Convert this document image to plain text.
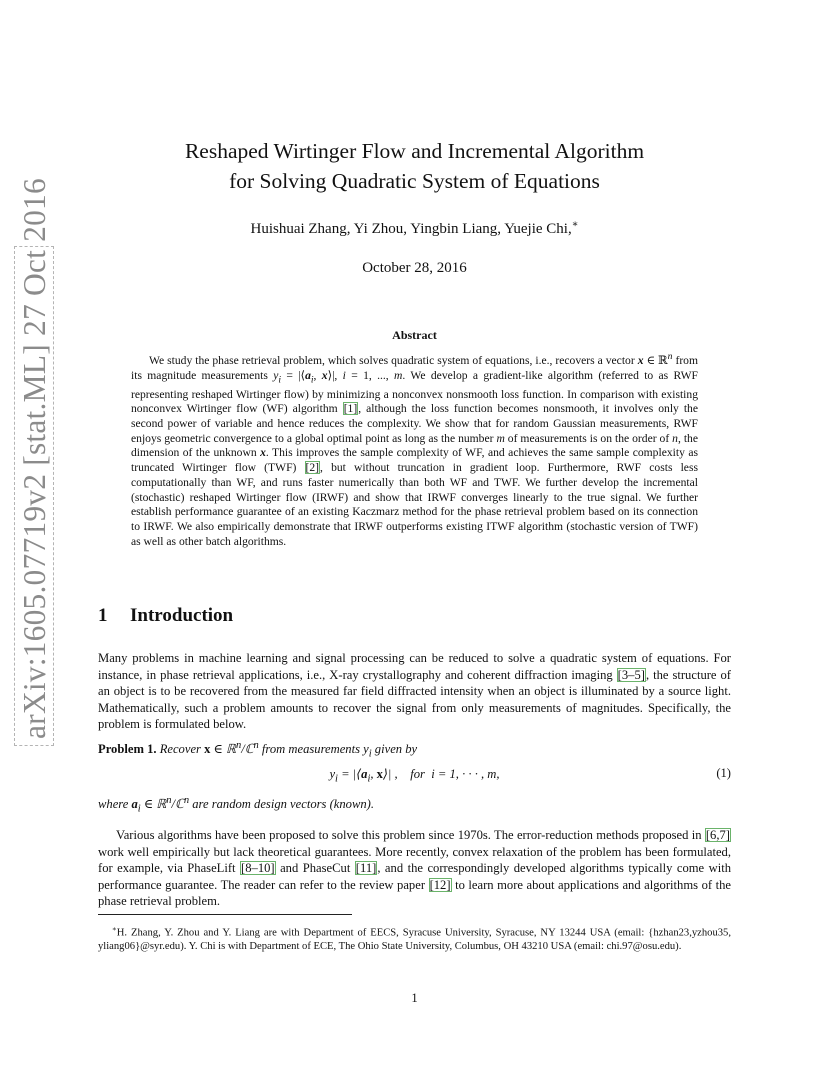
arXiv:1605.07719v2 [stat.ML] 27 Oct 2016
Reshaped Wirtinger Flow and Incremental Algorithm
for Solving Quadratic System of Equations
Huishuai Zhang, Yi Zhou, Yingbin Liang, Yuejie Chi,∗
October 28, 2016
Abstract

We study the phase retrieval problem, which solves quadratic system of equations, i.e., recovers a vector x ∈ ℝ$^n$ from its magnitude measurements $y_i$ = $|⟨a_i$, x⟩|, i = 1, ..., m. We develop a gradient-like algorithm (referred to as RWF representing reshaped Wirtinger flow) by minimizing a nonconvex nonsmooth loss function. In comparison with existing nonconvex Wirtinger flow (WF) algorithm [1], although the loss function becomes nonsmooth, it involves only the second power of variable and hence reduces the complexity. We show that for random Gaussian measurements, RWF enjoys geometric convergence to a global optimal point as long as the number m of measurements is on the order of n, the dimension of the unknown x. This improves the sample complexity of WF, and achieves the same sample complexity as truncated Wirtinger flow (TWF) [2], but without truncation in gradient loop. Furthermore, RWF costs less computationally than WF, and runs faster numerically than both WF and TWF. We further develop the incremental (stochastic) reshaped Wirtinger flow (IRWF) and show that IRWF converges linearly to the true signal. We further establish performance guarantee of an existing Kaczmarz method for the phase retrieval problem based on its connection to IRWF. We also empirically demonstrate that IRWF outperforms existing ITWF algorithm (stochastic version of TWF) as well as other batch algorithms.

1 Introduction

Many problems in machine learning and signal processing can be reduced to solve a quadratic system of equations. For instance, in phase retrieval applications, i.e., X-ray crystallography and coherent diffraction imaging [3–5], the structure of an object is to be recovered from the measured far field diffracted intensity when an object is illuminated by a source light. Mathematically, such a problem amounts to recover the signal from only measurements of magnitudes. Specifically, the problem is formulated below.

Problem 1. Recover x ∈ ℝ$^n$/ℂ$^n$ from measurements $y_i$ given by
$y_i$ = $|⟨a_i$, x⟩| ,    for  i = 1, · · · , m,	(1)
where $a_i$ ∈ ℝ$^n$/ℂ$^n$ are random design vectors (known).

Various algorithms have been proposed to solve this problem since 1970s. The error-reduction methods proposed in [6,7] work well empirically but lack theoretical guarantees. More recently, convex relaxation of the problem has been formulated, for example, via PhaseLift [8–10] and PhaseCut [11], and the correspondingly developed algorithms typically come with performance guarantee. The reader can refer to the review paper [12] to learn more about applications and algorithms of the phase retrieval problem.

∗H. Zhang, Y. Zhou and Y. Liang are with Department of EECS, Syracuse University, Syracuse, NY 13244 USA (email: {hzhan23,yzhou35, yliang06}@syr.edu). Y. Chi is with Department of ECE, The Ohio State University, Columbus, OH 43210 USA (email: chi.97@osu.edu).

1
